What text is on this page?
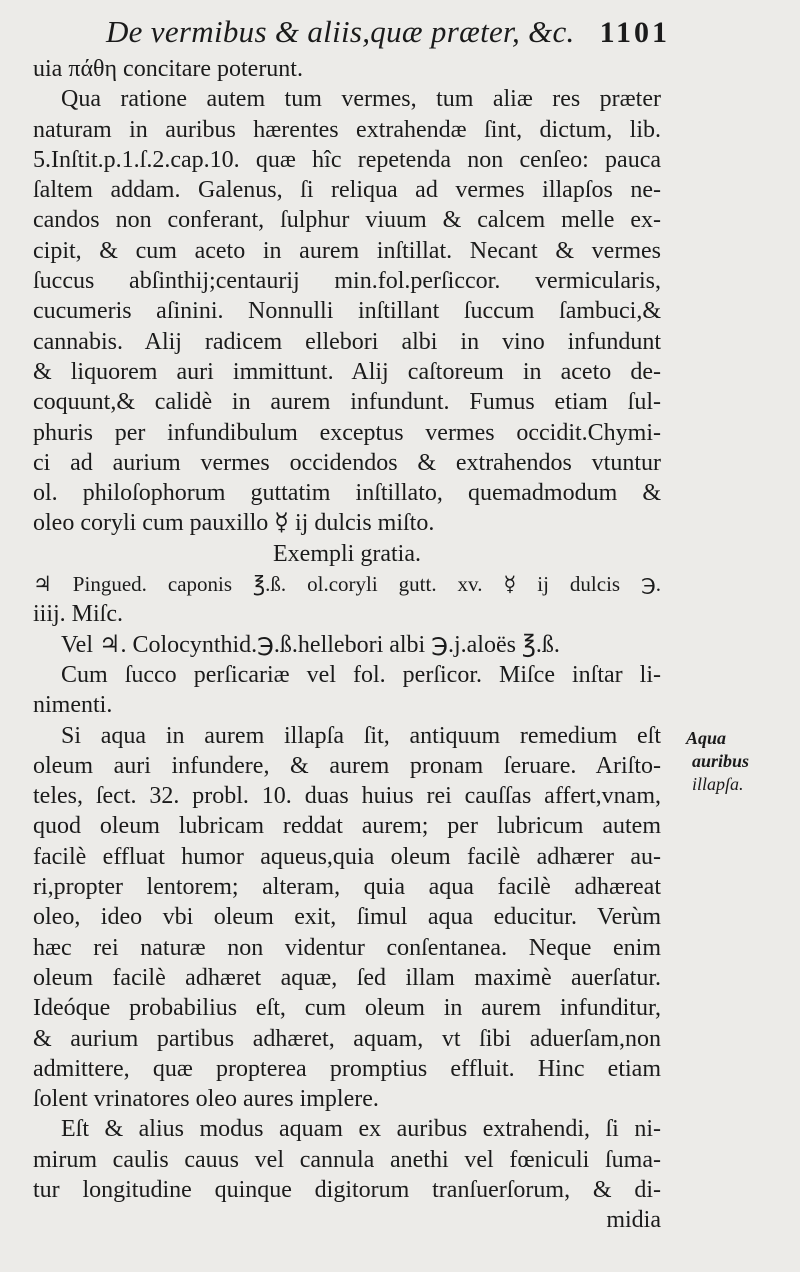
De vermibus & aliis,quæ præter, &c. 1101
uia πάθη concitare poterunt.
Qua ratione autem tum vermes, tum aliæ res præter
naturam in auribus hærentes extrahendæ ſint, dictum, lib.
5.Inſtit.p.1.ſ.2.cap.10. quæ hîc repetenda non cenſeo: pauca
ſaltem addam. Galenus, ſi reliqua ad vermes illapſos ne-
candos non conferant, ſulphur viuum & calcem melle ex-
cipit, & cum aceto in aurem inſtillat. Necant & vermes
ſuccus abſinthij;centaurij min.fol.perſiccor. vermicularis,
cucumeris aſinini. Nonnulli inſtillant ſuccum ſambuci,&
cannabis. Alij radicem ellebori albi in vino infundunt
& liquorem auri immittunt. Alij caſtoreum in aceto de-
coquunt,& calidè in aurem infundunt. Fumus etiam ſul-
phuris per infundibulum exceptus vermes occidit.Chymi-
ci ad aurium vermes occidendos & extrahendos vtuntur
ol. philoſophorum guttatim inſtillato, quemadmodum &
oleo coryli cum pauxillo ☿ ij dulcis miſto.
Exempli gratia.
♃ Pingued. caponis ℥.ß. ol.coryli gutt. xv. ☿ ij dulcis ℈.
iiij. Miſc.
Vel ♃. Colocynthid.℈.ß.hellebori albi ℈.j.aloës ℥.ß.
Cum ſucco perſicariæ vel fol. perſicor. Miſce inſtar li-
nimenti.
Si aqua in aurem illapſa ſit, antiquum remedium eſt
oleum auri infundere, & aurem pronam ſeruare. Ariſto-
teles, ſect. 32. probl. 10. duas huius rei cauſſas affert,vnam,
quod oleum lubricam reddat aurem; per lubricum autem
facilè effluat humor aqueus,quia oleum facilè adhærer au-
ri,propter lentorem; alteram, quia aqua facilè adhæreat
oleo, ideo vbi oleum exit, ſimul aqua educitur. Verùm
hæc rei naturæ non videntur conſentanea. Neque enim
oleum facilè adhæret aquæ, ſed illam maximè auerſatur.
Ideóque probabilius eſt, cum oleum in aurem infunditur,
& aurium partibus adhæret, aquam, vt ſibi aduerſam,non
admittere, quæ propterea promptius effluit. Hinc etiam
ſolent vrinatores oleo aures implere.
Eſt & alius modus aquam ex auribus extrahendi, ſi ni-
mirum caulis cauus vel cannula anethi vel fœniculi ſuma-
tur longitudine quinque digitorum tranſuerſorum, & di-
midia
Aqua
auribus
illapſa.
